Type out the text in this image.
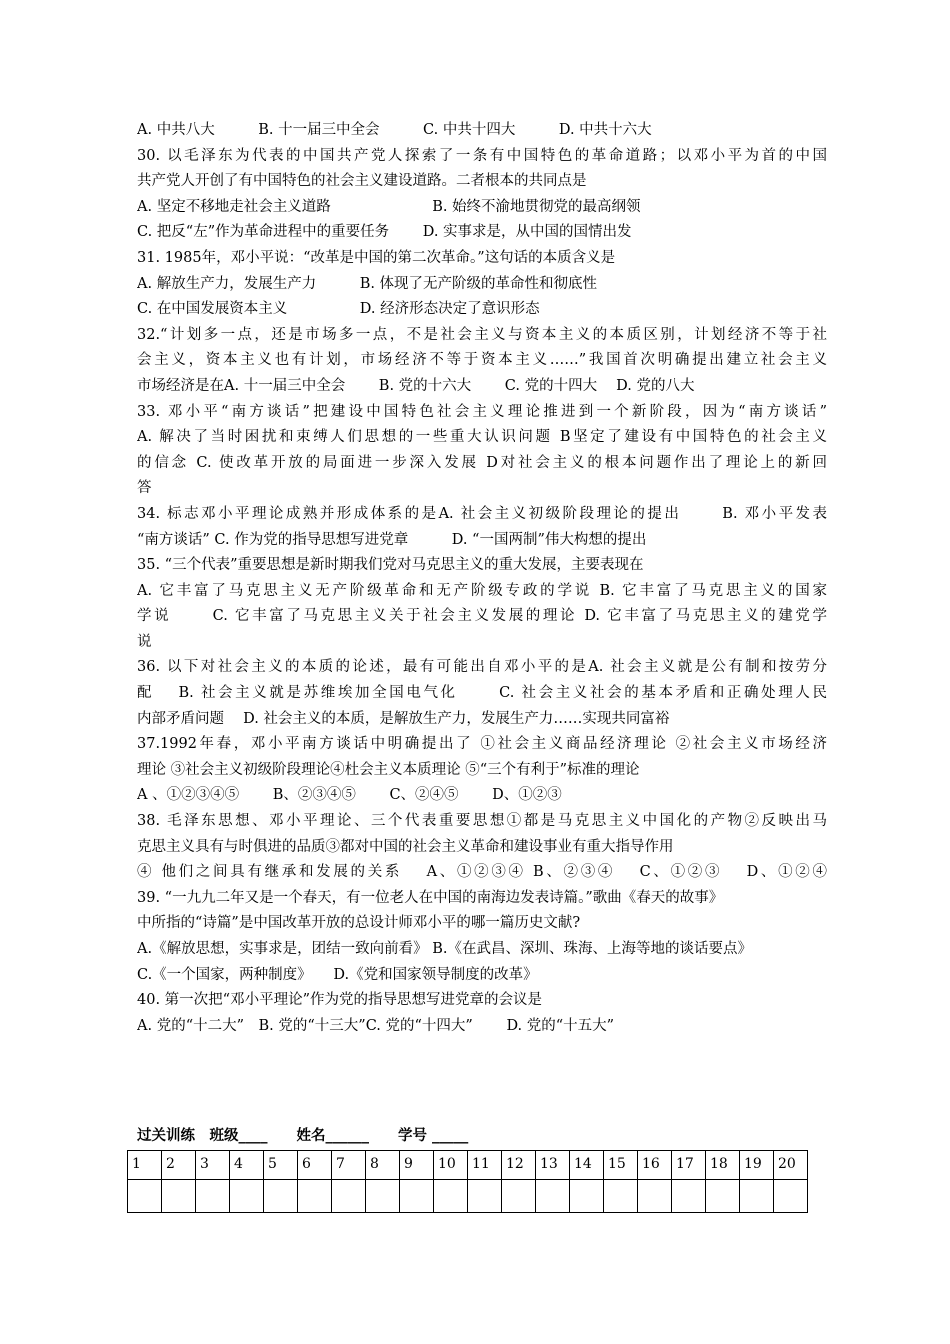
A. 中共八大　　　B. 十一届三中全会　　　C. 中共十四大　　　D. 中共十六大
30. 以毛泽东为代表的中国共产党人探索了一条有中国特色的革命道路；以邓小平为首的中国
共产党人开创了有中国特色的社会主义建设道路。二者根本的共同点是
A. 坚定不移地走社会主义道路　　　　　　　B. 始终不渝地贯彻党的最高纲领
C. 把反“左”作为革命进程中的重要任务　　 D. 实事求是，从中国的国情出发
31. 1985年，邓小平说：“改革是中国的第二次革命。”这句话的本质含义是
A. 解放生产力，发展生产力　　　B. 体现了无产阶级的革命性和彻底性
C. 在中国发展资本主义　　　　　D. 经济形态决定了意识形态
32.“计划多一点，还是市场多一点，不是社会主义与资本主义的本质区别，计划经济不等于社
会主义，资本主义也有计划，市场经济不等于资本主义……”我国首次明确提出建立社会主义
市场经济是在A. 十一届三中全会　　 B. 党的十六大　　 C. 党的十四大　 D. 党的八大
33. 邓小平“南方谈话”把建设中国特色社会主义理论推进到一个新阶段，因为“南方谈话”
A. 解决了当时困扰和束缚人们思想的一些重大认识问题 B坚定了建设有中国特色的社会主义
的信念 C. 使改革开放的局面进一步深入发展 D对社会主义的根本问题作出了理论上的新回
答
34. 标志邓小平理论成熟并形成体系的是A. 社会主义初级阶段理论的提出　　 B. 邓小平发表
“南方谈话” C. 作为党的指导思想写进党章　　　D. “一国两制”伟大构想的提出
35. “三个代表”重要思想是新时期我们党对马克思主义的重大发展，主要表现在
A. 它丰富了马克思主义无产阶级革命和无产阶级专政的学说 B. 它丰富了马克思主义的国家
学说　　 C. 它丰富了马克思主义关于社会主义发展的理论 D. 它丰富了马克思主义的建党学
说
36. 以下对社会主义的本质的论述，最有可能出自邓小平的是A. 社会主义就是公有制和按劳分
配　 B. 社会主义就是苏维埃加全国电气化　　 C. 社会主义社会的基本矛盾和正确处理人民
内部矛盾问题　 D. 社会主义的本质，是解放生产力，发展生产力……实现共同富裕
37.1992年春，邓小平南方谈话中明确提出了 ①社会主义商品经济理论 ②社会主义市场经济
理论 ③社会主义初级阶段理论④杜会主义本质理论 ⑤“三个有利于”标准的理论
A 、①②③④⑤　　 B、②③④⑤　　 C、②④⑤　　 D、①②③
38. 毛泽东思想、邓小平理论、三个代表重要思想①都是马克思主义中国化的产物②反映出马
克思主义具有与时俱进的品质③都对中国的社会主义革命和建设事业有重大指导作用
④ 他们之间具有继承和发展的关系　 A、①②③④ B、②③④　 C、①②③　 D、①②④
39. “一九九二年又是一个春天，有一位老人在中国的南海边发表诗篇。”歌曲《春天的故事》
中所指的“诗篇”是中国改革开放的总设计师邓小平的哪一篇历史文献?
A.《解放思想，实事求是，团结一致向前看》 B.《在武昌、深圳、珠海、上海等地的谈话要点》
C.《一个国家，两种制度》　　D.《党和国家领导制度的改革》
40. 第一次把“邓小平理论”作为党的指导思想写进党章的会议是
A. 党的“十二大”　B. 党的“十三大”C. 党的“十四大”　　 D. 党的“十五大”
过关训练　班级____　　姓名______　　学号 _____
1	2	3	4	5	6	7	8	9	10	11	12	13	14	15	16	17	18	19	20
